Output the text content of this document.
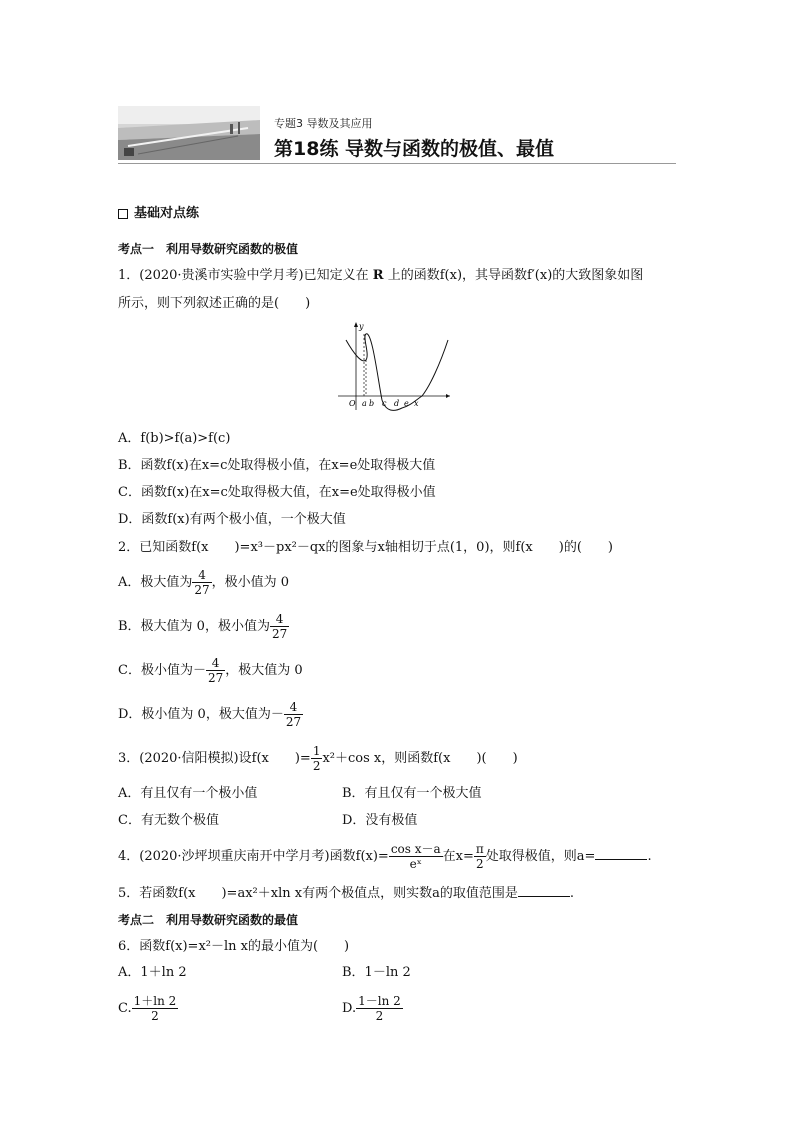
专题3 导数及其应用
第18练 导数与函数的极值、最值
基础对点练
考点一　利用导数研究函数的极值
1．(2020·贵溪市实验中学月考)已知定义在 R 上的函数f(x)，其导函数f′(x)的大致图象如图
所示，则下列叙述正确的是(　　)
y
a
O b c d e x
A．f(b)>f(a)>f(c)
B．函数f(x)在x=c处取得极小值，在x=e处取得极大值
C．函数f(x)在x=c处取得极大值，在x=e处取得极小值
D．函数f(x)有两个极小值，一个极大值
2．已知函数f(x　　)=x³－px²－qx的图象与x轴相切于点(1，0)，则f(x　　)的(　　)
A．极大值为 $\frac{4}{27}$ ，极小值为 0
B．极大值为 0，极小值为 $\frac{4}{27}$
C．极小值为－ $\frac{4}{27}$ ，极大值为 0
D．极小值为 0，极大值为－ $\frac{4}{27}$
3．(2020·信阳模拟)设f(x　　)= $\frac{1}{2} x^2+\cos$ x，则函数f(x　　)(　　)
A．有且仅有一个极小值	B．有且仅有一个极大值
C．有无数个极值	D．没有极值
4．(2020·沙坪坝重庆南开中学月考)函数$f(x)= \frac{\text{cos x－a}}{\text{eˣ}}$ 在$x= \frac{\pi}{2}$ 处取得极值，则a=	.
5．若函数f(x　　)=ax²＋xln x有两个极值点，则实数a的取值范围是	.
考点二　利用导数研究函数的最值
6．函数f(x)=x²－ln x的最小值为(　　)
A．1＋ln 2	B．1－ln 2
C. $\frac{1+\ln 2}{2}$	D. $\frac{1-\ln 2}{2}$
